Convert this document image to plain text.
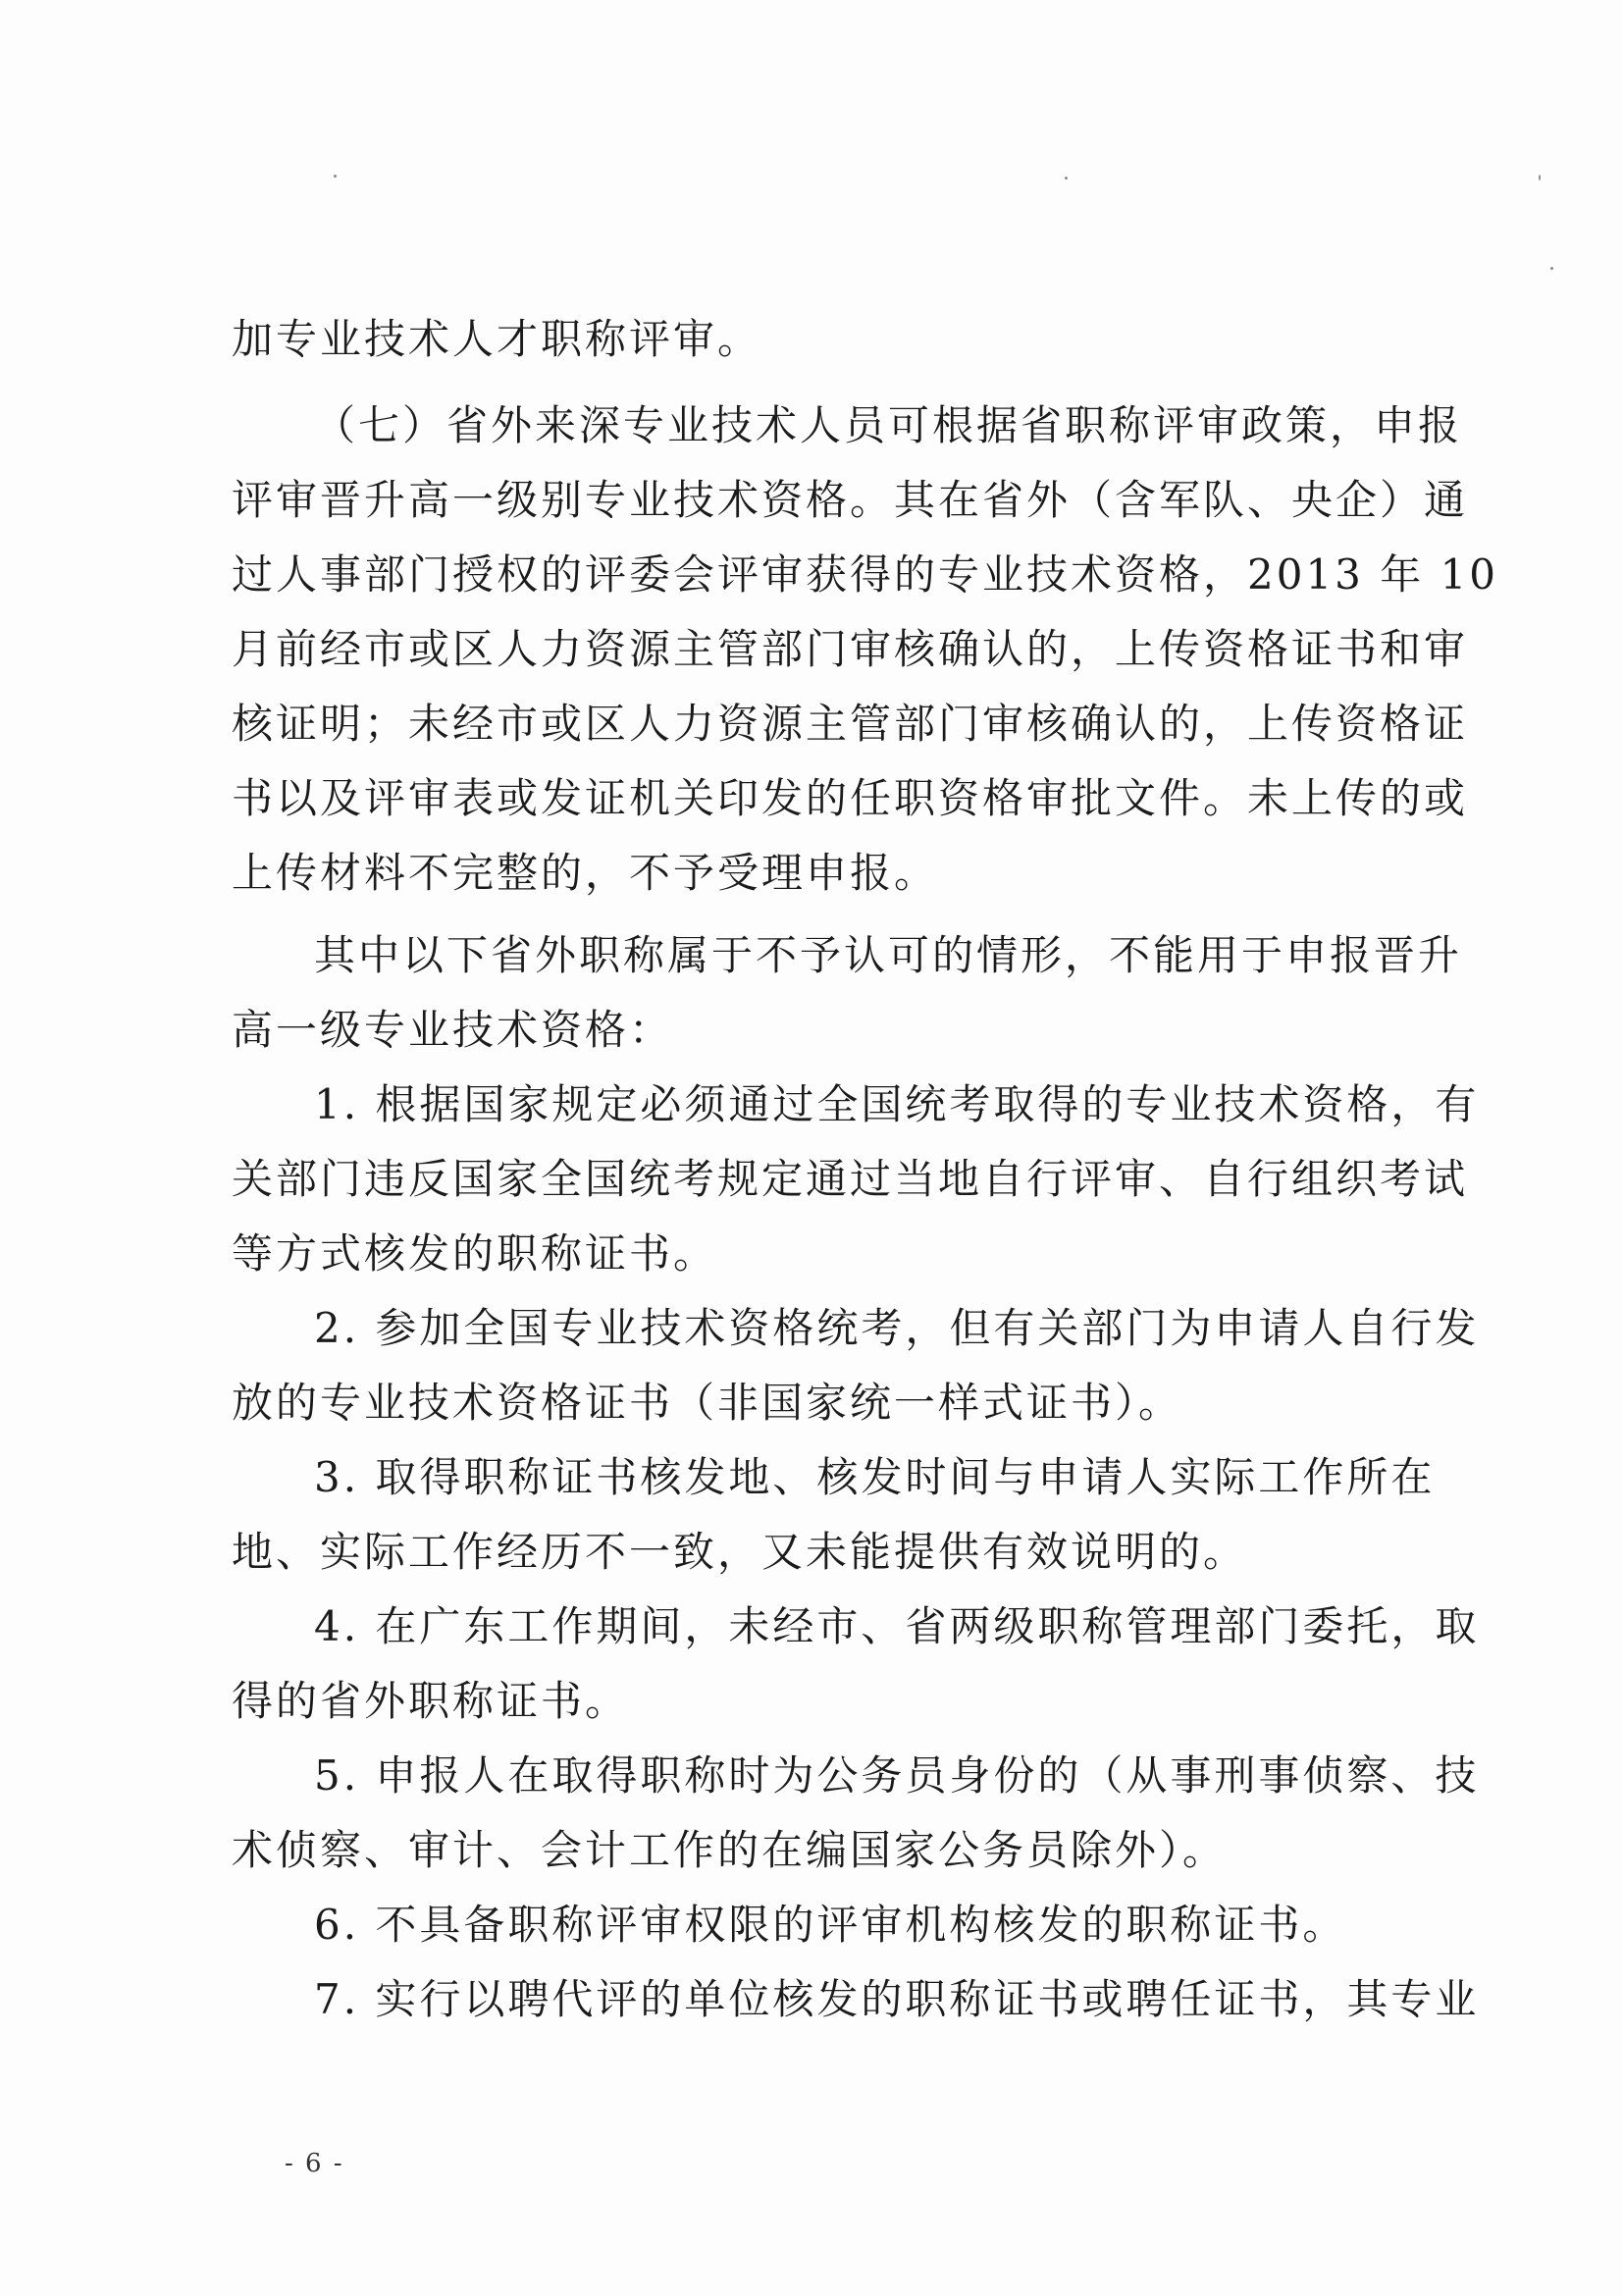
加专业技术人才职称评审。
（七）省外来深专业技术人员可根据省职称评审政策，申报
评审晋升高一级别专业技术资格。其在省外（含军队、央企）通
过人事部门授权的评委会评审获得的专业技术资格，2013 年 10
月前经市或区人力资源主管部门审核确认的，上传资格证书和审
核证明；未经市或区人力资源主管部门审核确认的，上传资格证
书以及评审表或发证机关印发的任职资格审批文件。未上传的或
上传材料不完整的，不予受理申报。
其中以下省外职称属于不予认可的情形，不能用于申报晋升
高一级专业技术资格：
1. 根据国家规定必须通过全国统考取得的专业技术资格，有
关部门违反国家全国统考规定通过当地自行评审、自行组织考试
等方式核发的职称证书。
2. 参加全国专业技术资格统考，但有关部门为申请人自行发
放的专业技术资格证书（非国家统一样式证书）。
3. 取得职称证书核发地、核发时间与申请人实际工作所在
地、实际工作经历不一致，又未能提供有效说明的。
4. 在广东工作期间，未经市、省两级职称管理部门委托，取
得的省外职称证书。
5. 申报人在取得职称时为公务员身份的（从事刑事侦察、技
术侦察、审计、会计工作的在编国家公务员除外）。
6. 不具备职称评审权限的评审机构核发的职称证书。
7. 实行以聘代评的单位核发的职称证书或聘任证书，其专业
- 6 -
